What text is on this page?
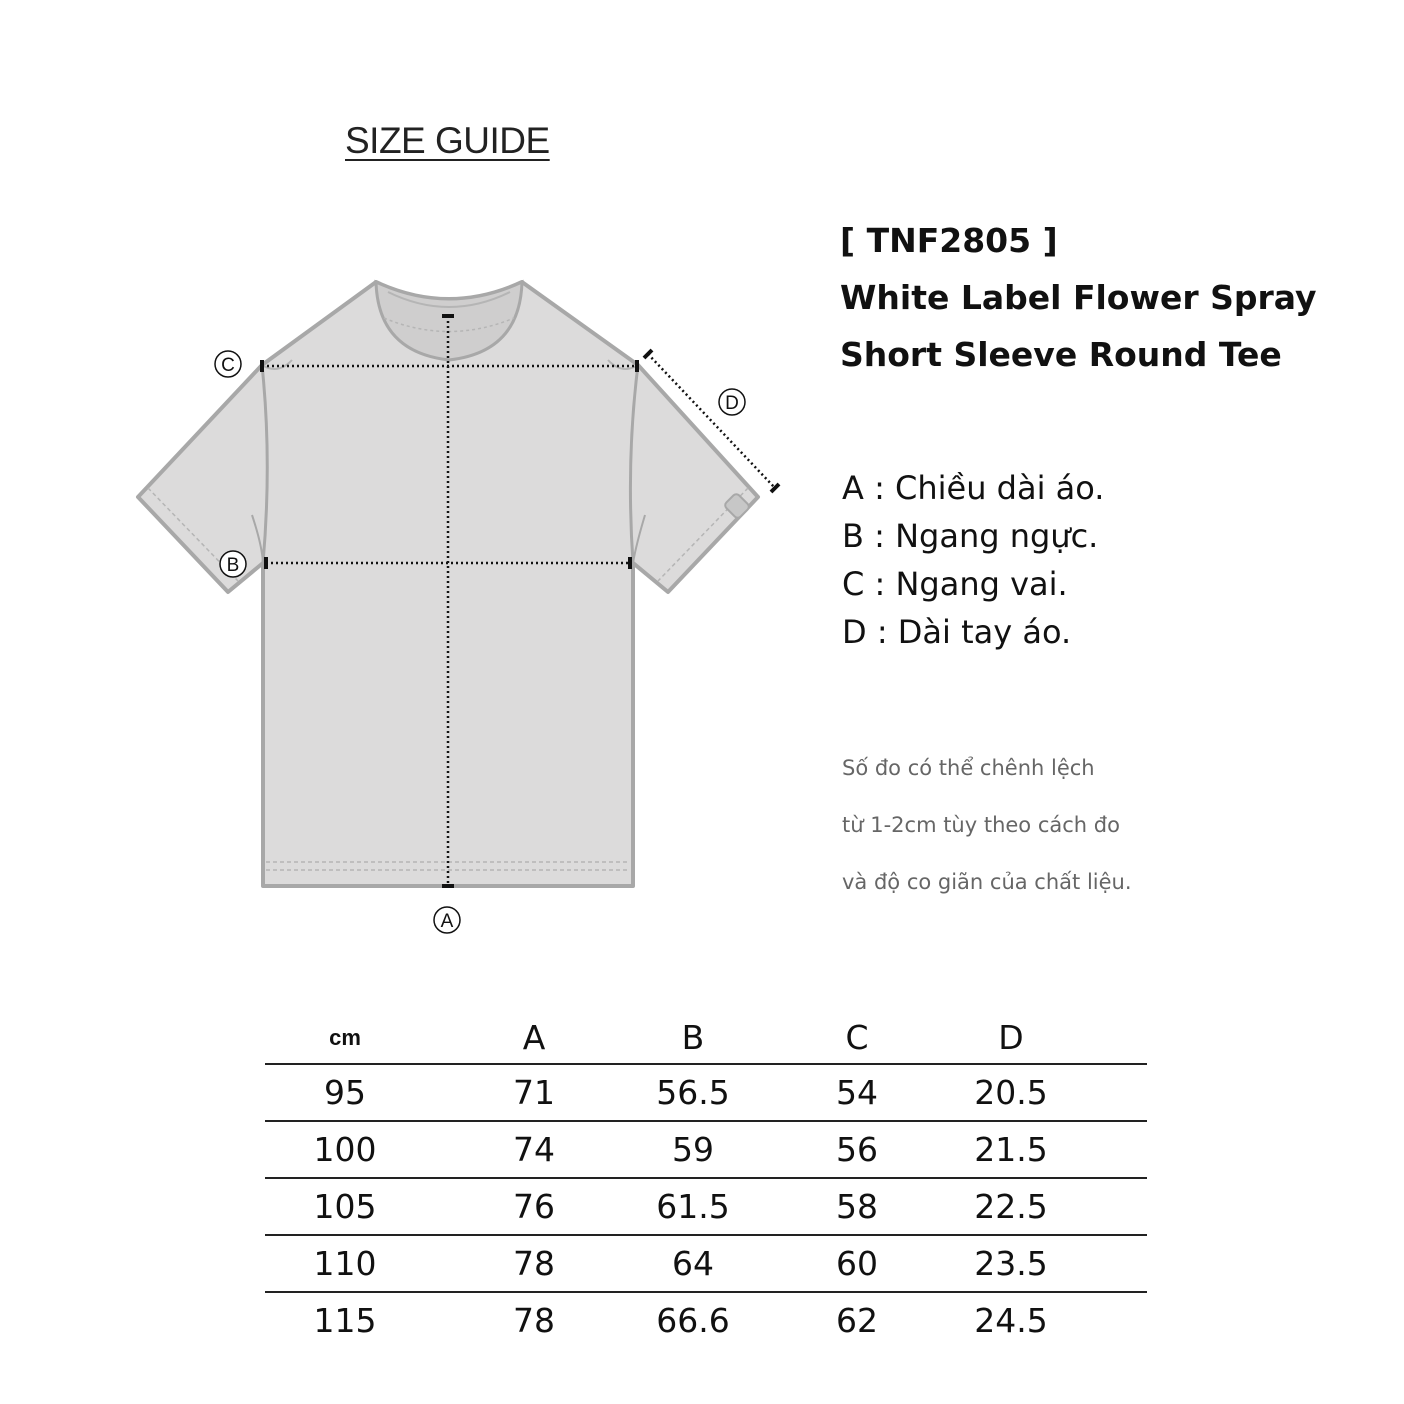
SIZE GUIDE
A
B
C
D
[ TNF2805 ]
White Label Flower Spray
Short Sleeve Round Tee
A : Chiều dài áo.
B : Ngang ngực.
C : Ngang vai.
D : Dài tay áo.
Số đo có thể chênh lệch
từ 1-2cm tùy theo cách đo
và độ co giãn của chất liệu.
cm	A	B	C	D	
95	71	56.5	54	20.5	
100	74	59	56	21.5	
105	76	61.5	58	22.5	
110	78	64	60	23.5	
115	78	66.6	62	24.5	
